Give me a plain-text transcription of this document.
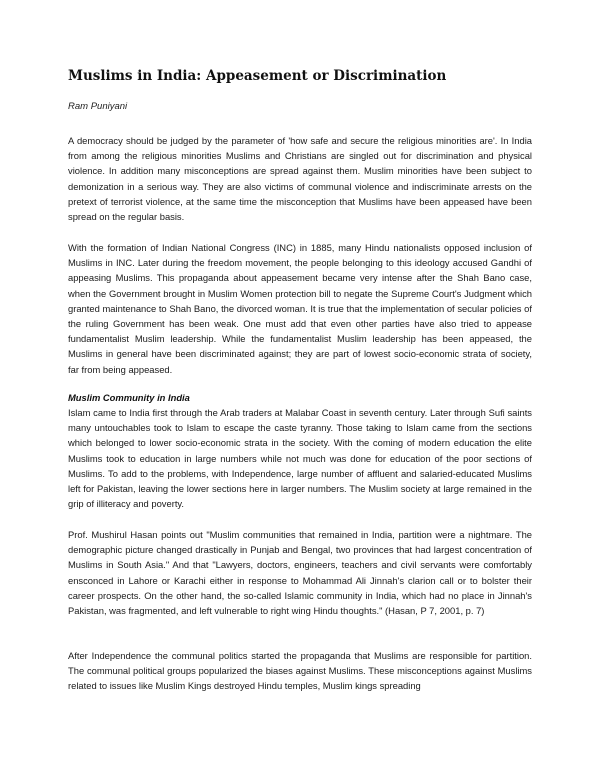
Muslims in India: Appeasement or Discrimination

Ram Puniyani

A democracy should be judged by the parameter of 'how safe and secure the religious minorities are'. In India from among the religious minorities Muslims and Christians are singled out for discrimination and physical violence. In addition many misconceptions are spread against them. Muslim minorities have been subject to demonization in a serious way. They are also victims of communal violence and indiscriminate arrests on the pretext of terrorist violence, at the same time the misconception that Muslims have been appeased have been spread on the regular basis.

With the formation of Indian National Congress (INC) in 1885, many Hindu nationalists opposed inclusion of Muslims in INC. Later during the freedom movement, the people belonging to this ideology accused Gandhi of appeasing Muslims. This propaganda about appeasement became very intense after the Shah Bano case, when the Government brought in Muslim Women protection bill to negate the Supreme Court's Judgment which granted maintenance to Shah Bano, the divorced woman. It is true that the implementation of secular policies of the ruling Government has been weak. One must add that even other parties have also tried to appease fundamentalist Muslim leadership. While the fundamentalist Muslim leadership has been appeased, the Muslims in general have been discriminated against; they are part of lowest socio-economic strata of society, far from being appeased.

Muslim Community in India

Islam came to India first through the Arab traders at Malabar Coast in seventh century. Later through Sufi saints many untouchables took to Islam to escape the caste tyranny. Those taking to Islam came from the sections which belonged to lower socio-economic strata in the society. With the coming of modern education the elite Muslims took to education in large numbers while not much was done for education of the poor sections of Muslims. To add to the problems, with Independence, large number of affluent and salaried-educated Muslims left for Pakistan, leaving the lower sections here in larger numbers. The Muslim society at large remained in the grip of illiteracy and poverty.

Prof. Mushirul Hasan points out "Muslim communities that remained in India, partition were a nightmare. The demographic picture changed drastically in Punjab and Bengal, two provinces that had largest concentration of Muslims in South Asia." And that "Lawyers, doctors, engineers, teachers and civil servants were comfortably ensconced in Lahore or Karachi either in response to Mohammad Ali Jinnah's clarion call or to bolster their career prospects. On the other hand, the so-called Islamic community in India, which had no place in Jinnah's Pakistan, was fragmented, and left vulnerable to right wing Hindu thoughts." (Hasan, P 7, 2001, p. 7)

After Independence the communal politics started the propaganda that Muslims are responsible for partition. The communal political groups popularized the biases against Muslims. These misconceptions against Muslims related to issues like Muslim Kings destroyed Hindu temples, Muslim kings spreading
